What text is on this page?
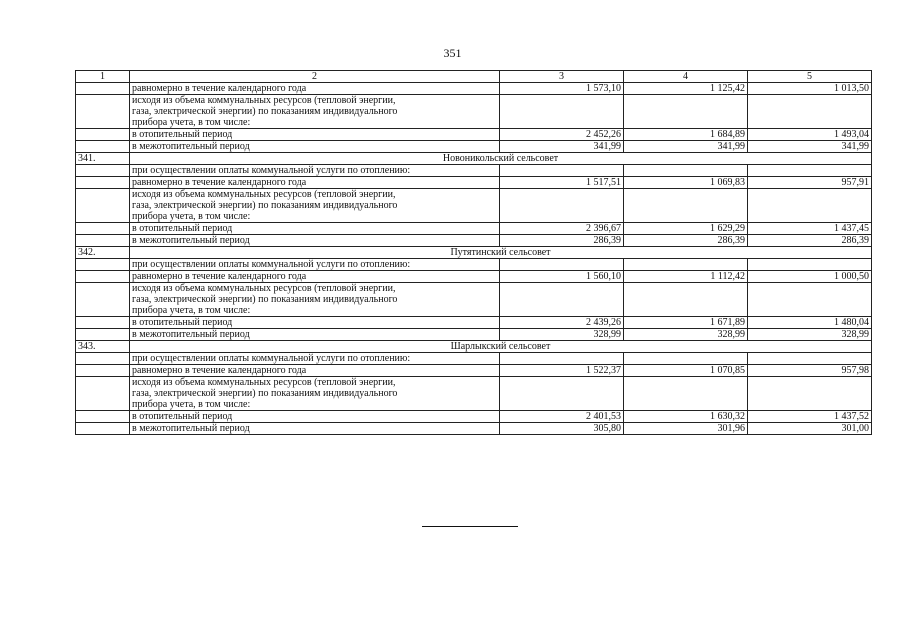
351
1	2	3	4	5
	равномерно в течение календарного года	1 573,10	1 125,42	1 013,50

	исходя из объема коммунальных ресурсов (тепловой энергии,
газа, электрической энергии) по показаниям индивидуального
прибора учета, в том числе:			

	в отопительный период	2 452,26	1 684,89	1 493,04
	в межотопительный период	341,99	341,99	341,99
341.	Новоникольский сельсовет			
	при осуществлении оплаты коммунальной услуги по отоплению:			
	равномерно в течение календарного года	1 517,51	1 069,83	957,91

	исходя из объема коммунальных ресурсов (тепловой энергии,
газа, электрической энергии) по показаниям индивидуального
прибора учета, в том числе:			

	в отопительный период	2 396,67	1 629,29	1 437,45
	в межотопительный период	286,39	286,39	286,39
342.	Путятинский сельсовет			
	при осуществлении оплаты коммунальной услуги по отоплению:			
	равномерно в течение календарного года	1 560,10	1 112,42	1 000,50

	исходя из объема коммунальных ресурсов (тепловой энергии,
газа, электрической энергии) по показаниям индивидуального
прибора учета, в том числе:			

	в отопительный период	2 439,26	1 671,89	1 480,04
	в межотопительный период	328,99	328,99	328,99
343.	Шарлыкский сельсовет			
	при осуществлении оплаты коммунальной услуги по отоплению:			
	равномерно в течение календарного года	1 522,37	1 070,85	957,98

	исходя из объема коммунальных ресурсов (тепловой энергии,
газа, электрической энергии) по показаниям индивидуального
прибора учета, в том числе:			

	в отопительный период	2 401,53	1 630,32	1 437,52
	в межотопительный период	305,80	301,96	301,00
